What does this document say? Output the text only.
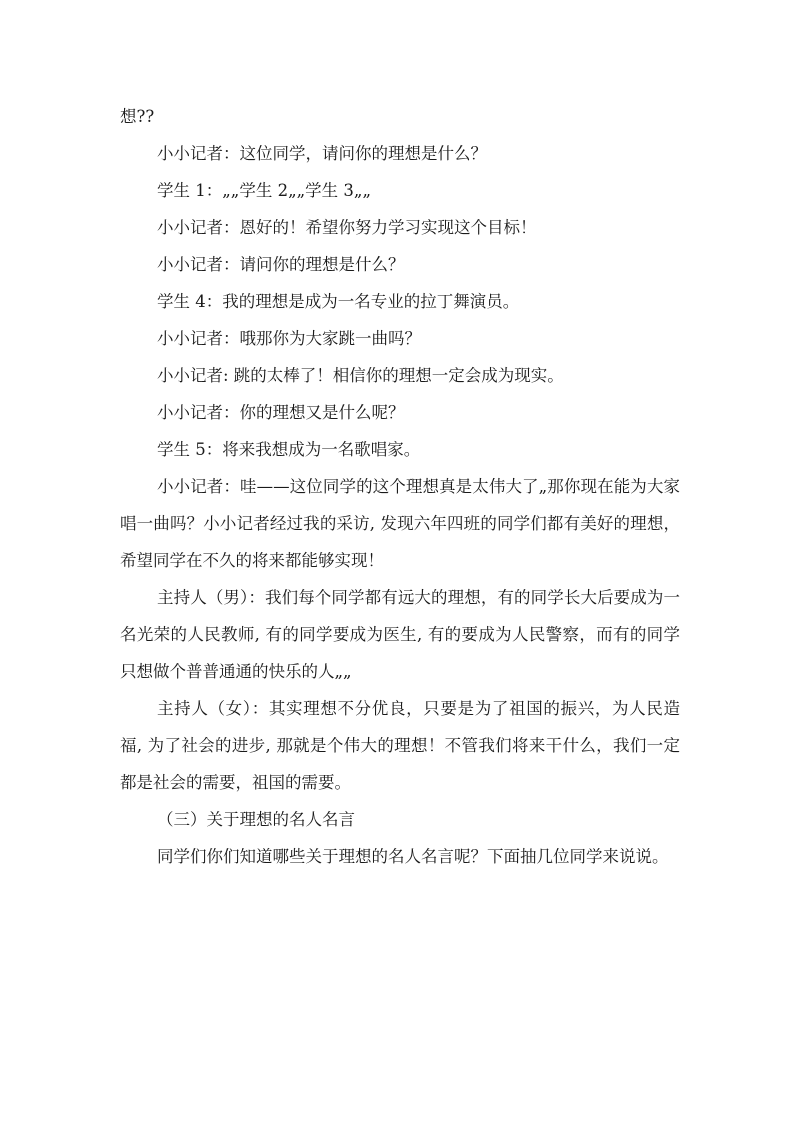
想??

小小记者：这位同学，请问你的理想是什么？

学生 1：„„学生 2„„学生 3„„

小小记者：恩好的！希望你努力学习实现这个目标！

小小记者：请问你的理想是什么？

学生 4：我的理想是成为一名专业的拉丁舞演员。

小小记者：哦那你为大家跳一曲吗？

小小记者: 跳的太棒了！相信你的理想一定会成为现实。

小小记者：你的理想又是什么呢？

学生 5：将来我想成为一名歌唱家。

小小记者：哇——这位同学的这个理想真是太伟大了„那你现在能为大家唱一曲吗？小小记者经过我的采访, 发现六年四班的同学们都有美好的理想，希望同学在不久的将来都能够实现！

主持人（男）：我们每个同学都有远大的理想，有的同学长大后要成为一名光荣的人民教师, 有的同学要成为医生, 有的要成为人民警察，而有的同学只想做个普普通通的快乐的人„„

主持人（女）：其实理想不分优良，只要是为了祖国的振兴，为人民造福, 为了社会的进步, 那就是个伟大的理想！不管我们将来干什么，我们一定都是社会的需要，祖国的需要。

（三）关于理想的名人名言

同学们你们知道哪些关于理想的名人名言呢？下面抽几位同学来说说。
